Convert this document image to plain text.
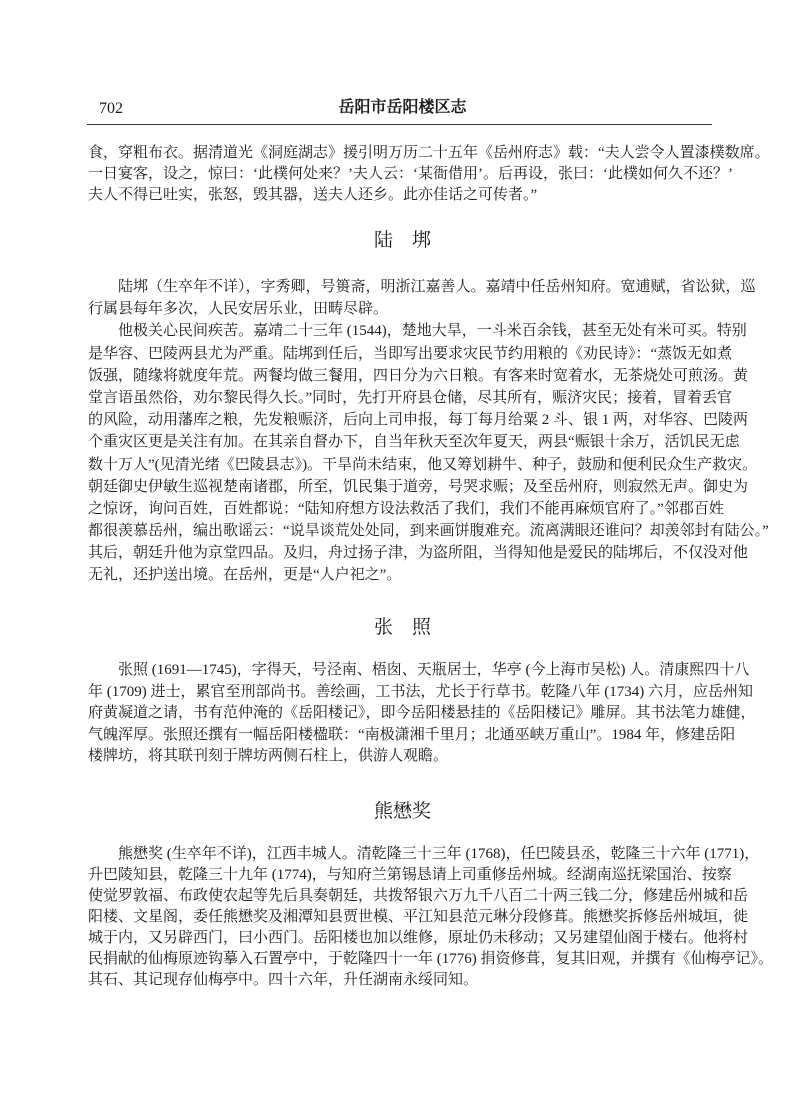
702	岳阳市岳阳楼区志
食，穿粗布衣。据清道光《洞庭湖志》援引明万历二十五年《岳州府志》载：“夫人尝令人置漆樸数席。
一日宴客，设之，惊曰：‘此樸何处来？’夫人云：‘某衙借用’。后再设，张曰：‘此樸如何久不还？’
夫人不得已吐实，张怒，毁其器，送夫人还乡。此亦佳话之可传者。”
陆　垹
陆垹（生卒年不详），字秀卿，号篑斋，明浙江嘉善人。嘉靖中任岳州知府。宽逋赋，省讼狱，巡
行属县每年多次，人民安居乐业，田畴尽辟。
他极关心民间疾苦。嘉靖二十三年 (1544)，楚地大旱，一斗米百余钱，甚至无处有米可买。特别
是华容、巴陵两县尤为严重。陆垹到任后，当即写出要求灾民节约用粮的《劝民诗》：“蒸饭无如煮
饭强，随缘将就度年荒。两餐均做三餐用，四日分为六日粮。有客来时宽着水，无茶烧处可煎汤。黄
堂言语虽然俗，劝尔黎民得久长。”同时，先打开府县仓储，尽其所有，赈济灾民；接着，冒着丢官
的风险，动用藩库之粮，先发粮赈济，后向上司申报，每丁每月给粟 2 斗、银 1 两，对华容、巴陵两
个重灾区更是关注有加。在其亲自督办下，自当年秋天至次年夏天，两县“赈银十余万，活饥民无虑
数十万人”(见清光绪《巴陵县志》)。干旱尚未结束，他又筹划耕牛、种子，鼓励和便利民众生产救灾。
朝廷御史伊敏生巡视楚南诸郡，所至，饥民集于道旁，号哭求赈；及至岳州府，则寂然无声。御史为
之惊讶，询问百姓，百姓都说：“陆知府想方设法救活了我们，我们不能再麻烦官府了。”邻郡百姓
都很羡慕岳州，编出歌谣云：“说旱谈荒处处同，到来画饼腹难充。流离满眼还谁问？却羡邻封有陆公。”
其后，朝廷升他为京堂四品。及归，舟过扬子津，为盗所阻，当得知他是爱民的陆垹后，不仅没对他
无礼，还护送出境。在岳州，更是“人户祀之”。
张　照
张照 (1691—1745)，字得天，号泾南、梧囱、天瓶居士，华亭 (今上海市吴松) 人。清康熙四十八
年 (1709) 进士，累官至刑部尚书。善绘画，工书法，尤长于行草书。乾隆八年 (1734) 六月，应岳州知
府黄凝道之请，书有范仲淹的《岳阳楼记》，即今岳阳楼悬挂的《岳阳楼记》雕屏。其书法笔力雄健，
气魄浑厚。张照还撰有一幅岳阳楼楹联：“南极潇湘千里月；北通巫峡万重山”。1984 年，修建岳阳
楼牌坊，将其联刊刻于牌坊两侧石柱上，供游人观瞻。
熊懋奖
熊懋奖 (生卒年不详)，江西丰城人。清乾隆三十三年 (1768)，任巴陵县丞，乾隆三十六年 (1771)，
升巴陵知县，乾隆三十九年 (1774)，与知府兰第锡恳请上司重修岳州城。经湖南巡抚梁国治、按察
使觉罗敦福、布政使农起等先后具奏朝廷，共拨帑银六万九千八百二十两三钱二分，修建岳州城和岳
阳楼、文星阁，委任熊懋奖及湘潭知县贾世模、平江知县范元琳分段修葺。熊懋奖拆修岳州城垣，徙
城于内，又另辟西门，曰小西门。岳阳楼也加以维修，原址仍未移动；又另建望仙阁于楼右。他将村
民捐献的仙梅原迹钩摹入石置亭中，于乾隆四十一年 (1776) 捐资修葺，复其旧观，并撰有《仙梅亭记》。
其石、其记现存仙梅亭中。四十六年，升任湖南永绥同知。
